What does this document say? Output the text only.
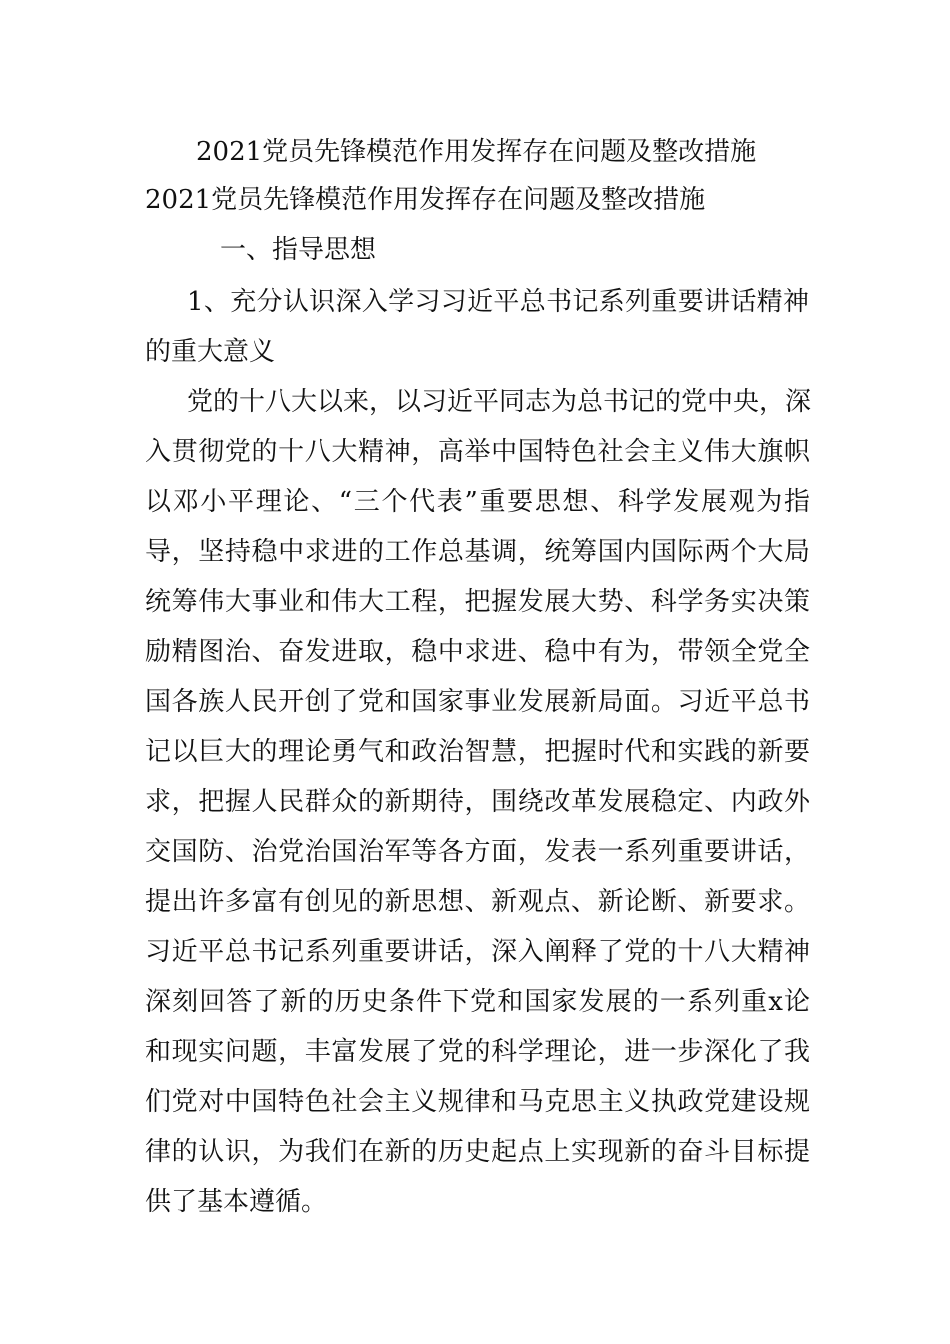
2021党员先锋模范作用发挥存在问题及整改措施
2021党员先锋模范作用发挥存在问题及整改措施
一、指导思想
1、充分认识深入学习习近平总书记系列重要讲话精神
的重大意义
党的十八大以来，以习近平同志为总书记的党中央，深
入贯彻党的十八大精神，高举中国特色社会主义伟大旗帜
以邓小平理论、“三个代表”重要思想、科学发展观为指
导，坚持稳中求进的工作总基调，统筹国内国际两个大局
统筹伟大事业和伟大工程，把握发展大势、科学务实决策
励精图治、奋发进取，稳中求进、稳中有为，带领全党全
国各族人民开创了党和国家事业发展新局面。习近平总书
记以巨大的理论勇气和政治智慧，把握时代和实践的新要
求，把握人民群众的新期待，围绕改革发展稳定、内政外
交国防、治党治国治军等各方面，发表一系列重要讲话，
提出许多富有创见的新思想、新观点、新论断、新要求。
习近平总书记系列重要讲话，深入阐释了党的十八大精神
深刻回答了新的历史条件下党和国家发展的一系列重x论
和现实问题，丰富发展了党的科学理论，进一步深化了我
们党对中国特色社会主义规律和马克思主义执政党建设规
律的认识，为我们在新的历史起点上实现新的奋斗目标提
供了基本遵循。
